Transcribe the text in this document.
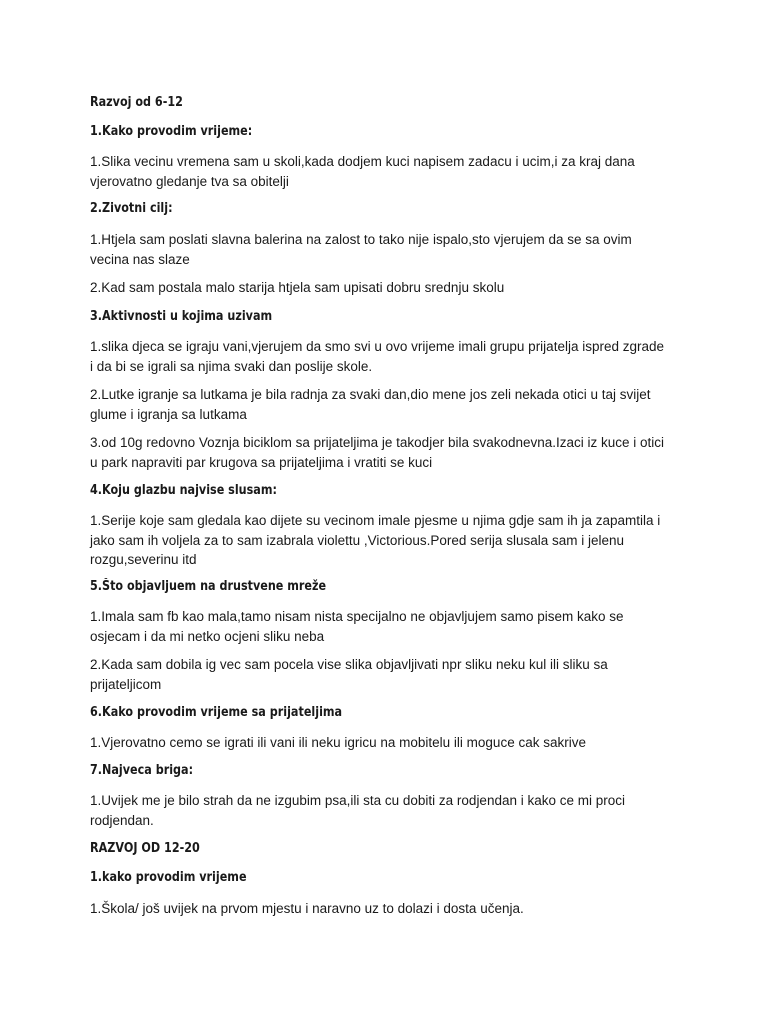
Razvoj od 6-12
1.Kako provodim vrijeme:
1.Slika vecinu vremena sam u skoli,kada dodjem kuci napisem zadacu i ucim,i za kraj dana
vjerovatno gledanje tva sa obitelji
2.Zivotni cilj:
1.Htjela sam poslati slavna balerina na zalost to tako nije ispalo,sto vjerujem da se sa ovim
vecina nas slaze
2.Kad sam postala malo starija htjela sam upisati dobru srednju skolu
3.Aktivnosti u kojima uzivam
1.slika djeca se igraju vani,vjerujem da smo svi u ovo vrijeme imali grupu prijatelja ispred zgrade
i da bi se igrali sa njima svaki dan poslije skole.
2.Lutke igranje sa lutkama je bila radnja za svaki dan,dio mene jos zeli nekada otici u taj svijet
glume i igranja sa lutkama
3.od 10g redovno Voznja biciklom sa prijateljima je takodjer bila svakodnevna.Izaci iz kuce i otici
u park napraviti par krugova sa prijateljima i vratiti se kuci
4.Koju glazbu najvise slusam:
1.Serije koje sam gledala kao dijete su vecinom imale pjesme u njima gdje sam ih ja zapamtila i
jako sam ih voljela za to sam izabrala violettu ,Victorious.Pored serija slusala sam i jelenu
rozgu,severinu itd
5.Što objavljuem na drustvene mreže
1.Imala sam fb kao mala,tamo nisam nista specijalno ne objavljujem samo pisem kako se
osjecam i da mi netko ocjeni sliku neba
2.Kada sam dobila ig vec sam pocela vise slika objavljivati npr sliku neku kul ili sliku sa
prijateljicom
6.Kako provodim vrijeme sa prijateljima
1.Vjerovatno cemo se igrati ili vani ili neku igricu na mobitelu ili moguce cak sakrive
7.Najveca briga:
1.Uvijek me je bilo strah da ne izgubim psa,ili sta cu dobiti za rodjendan i kako ce mi proci
rodjendan.
RAZVOJ OD 12-20
1.kako provodim vrijeme
1.Škola/ još uvijek na prvom mjestu i naravno uz to dolazi i dosta učenja.
